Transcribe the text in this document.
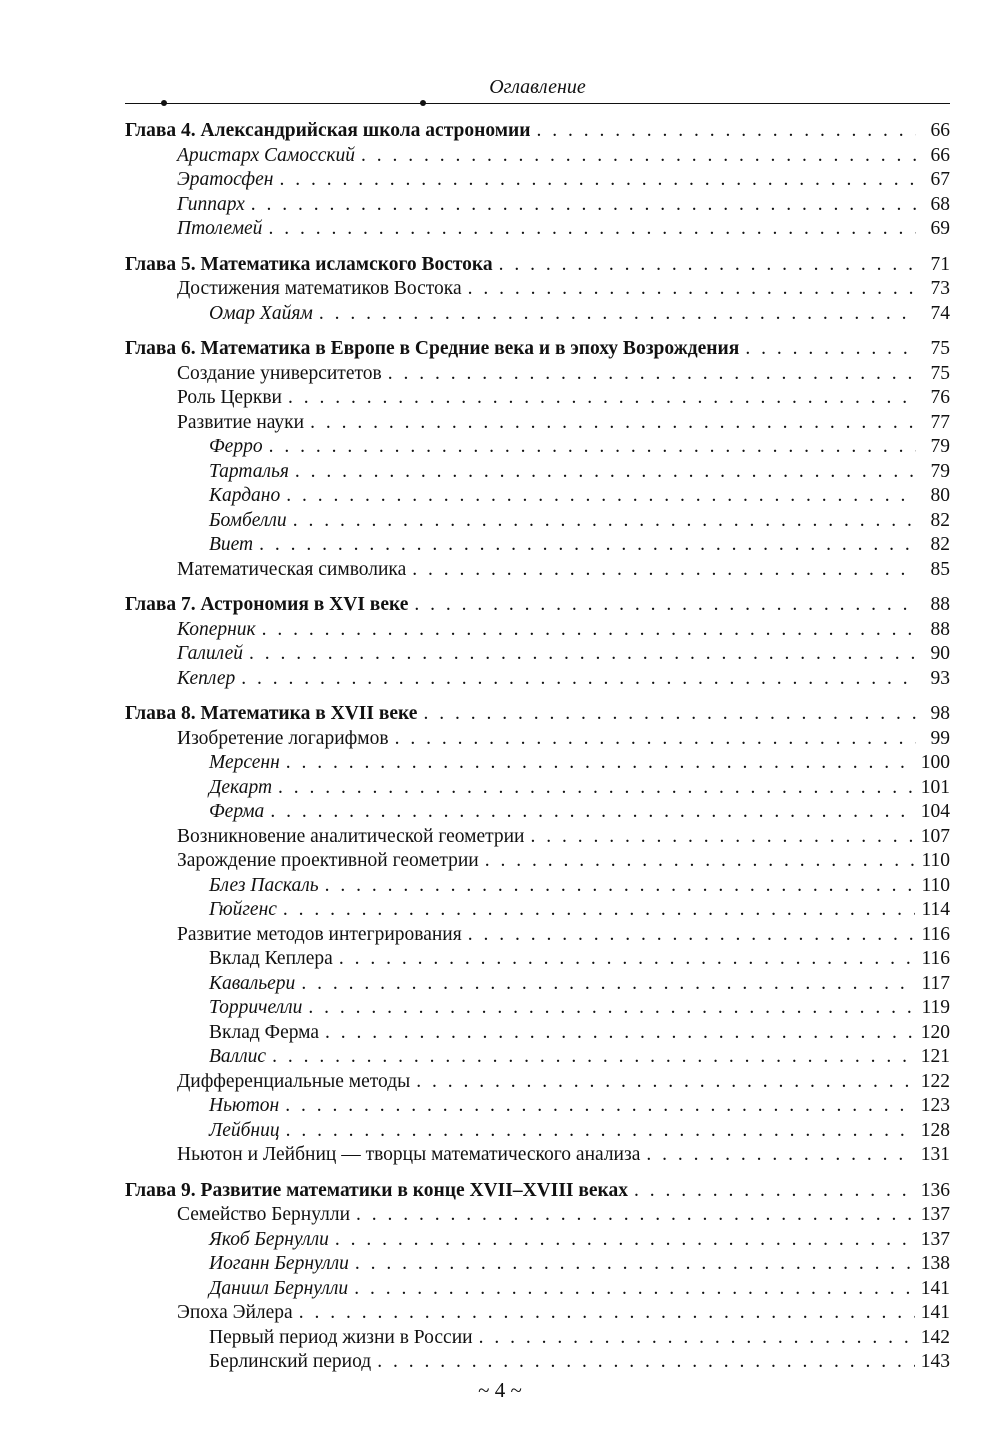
Оглавление
Глава 4. Александрийская школа астрономии . . .	66
Аристарх Самосский . . .	66
Эратосфен . . .	67
Гиппарх . . .	68
Птолемей . . .	69
Глава 5. Математика исламского Востока . . .	71
Достижения математиков Востока . . .	73
Омар Хайям . . .	74
Глава 6. Математика в Европе в Средние века и в эпоху Возрождения . . .	75
Создание университетов . . .	75
Роль Церкви . . .	76
Развитие науки . . .	77
Ферро . . .	79
Тарталья . . .	79
Кардано . . .	80
Бомбелли . . .	82
Виет . . .	82
Математическая символика . . .	85
Глава 7. Астрономия в XVI веке . . .	88
Коперник . . .	88
Галилей . . .	90
Кеплер . . .	93
Глава 8. Математика в XVII веке . . .	98
Изобретение логарифмов . . .	99
Мерсенн . . .	100
Декарт . . .	101
Ферма . . .	104
Возникновение аналитической геометрии . . .	107
Зарождение проективной геометрии . . .	110
Блез Паскаль . . .	110
Гюйгенс . . .	114
Развитие методов интегрирования . . .	116
Вклад Кеплера . . .	116
Кавальери . . .	117
Торричелли . . .	119
Вклад Ферма . . .	120
Валлис . . .	121
Дифференциальные методы . . .	122
Ньютон . . .	123
Лейбниц . . .	128
Ньютон и Лейбниц — творцы математического анализа . . .	131
Глава 9. Развитие математики в конце XVII–XVIII веках . . .	136
Семейство Бернулли . . .	137
Якоб Бернулли . . .	137
Иоганн Бернулли . . .	138
Даниил Бернулли . . .	141
Эпоха Эйлера . . .	141
Первый период жизни в России . . .	142
Берлинский период . . .	143
~ 4 ~
